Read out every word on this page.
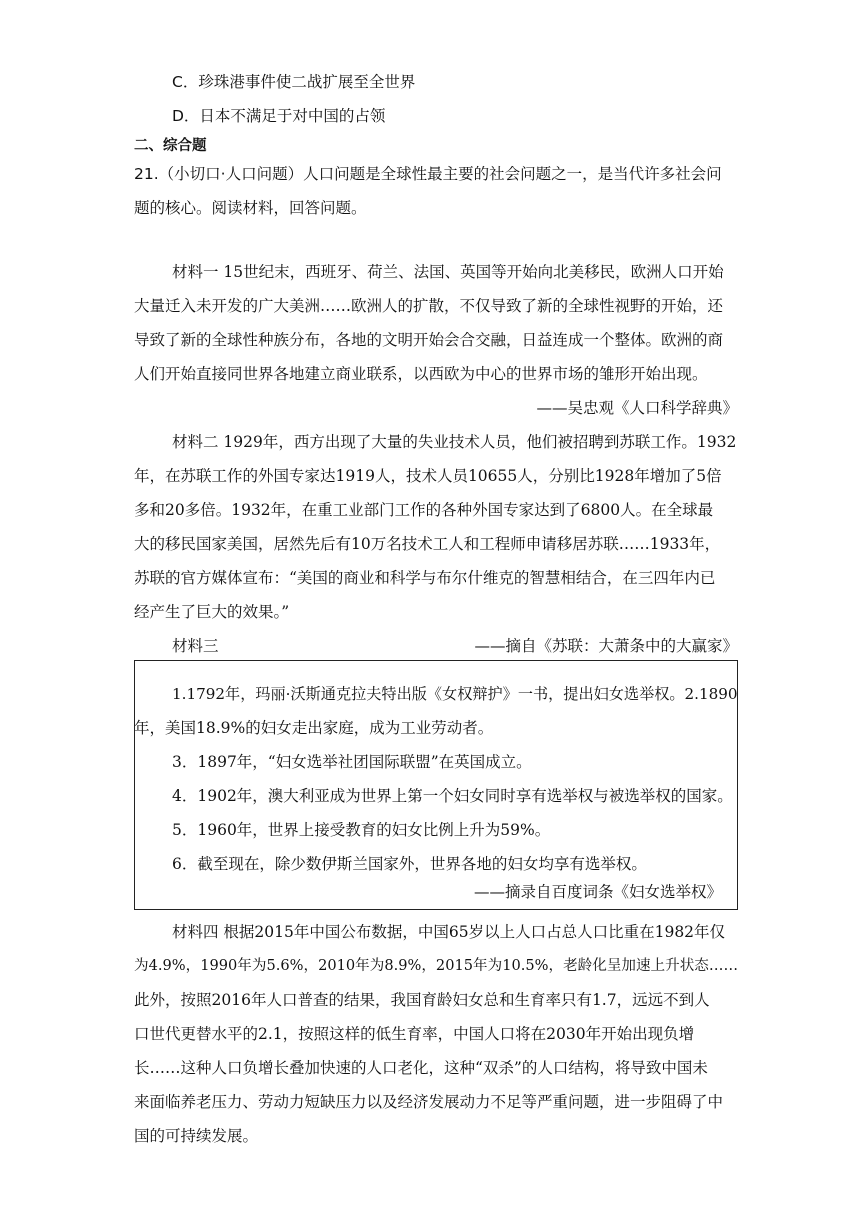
C．珍珠港事件使二战扩展至全世界
D．日本不满足于对中国的占领
二、综合题
21.（小切口·人口问题）人口问题是全球性最主要的社会问题之一，是当代许多社会问
题的核心。阅读材料，回答问题。
材料一 15世纪末，西班牙、荷兰、法国、英国等开始向北美移民，欧洲人口开始
大量迁入未开发的广大美洲……欧洲人的扩散，不仅导致了新的全球性视野的开始，还
导致了新的全球性种族分布，各地的文明开始会合交融，日益连成一个整体。欧洲的商
人们开始直接同世界各地建立商业联系，以西欧为中心的世界市场的雏形开始出现。
——吴忠观《人口科学辞典》
材料二 1929年，西方出现了大量的失业技术人员，他们被招聘到苏联工作。1932
年，在苏联工作的外国专家达1919人，技术人员10655人，分别比1928年增加了5倍
多和20多倍。1932年，在重工业部门工作的各种外国专家达到了6800人。在全球最
大的移民国家美国，居然先后有10万名技术工人和工程师申请移居苏联……1933年，
苏联的官方媒体宣布：“美国的商业和科学与布尔什维克的智慧相结合，在三四年内已
经产生了巨大的效果。”
——摘自《苏联：大萧条中的大赢家》
材料三
1.1792年，玛丽·沃斯通克拉夫特出版《女权辩护》一书，提出妇女选举权。2.1890
年，美国18.9%的妇女走出家庭，成为工业劳动者。
3．1897年，“妇女选举社团国际联盟”在英国成立。
4．1902年，澳大利亚成为世界上第一个妇女同时享有选举权与被选举权的国家。
5．1960年，世界上接受教育的妇女比例上升为59%。
6．截至现在，除少数伊斯兰国家外，世界各地的妇女均享有选举权。
——摘录自百度词条《妇女选举权》
材料四 根据2015年中国公布数据，中国65岁以上人口占总人口比重在1982年仅
为4.9%，1990年为5.6%，2010年为8.9%，2015年为10.5%，老龄化呈加速上升状态……
此外，按照2016年人口普查的结果，我国育龄妇女总和生育率只有1.7，远远不到人
口世代更替水平的2.1，按照这样的低生育率，中国人口将在2030年开始出现负增
长……这种人口负增长叠加快速的人口老化，这种“双杀”的人口结构，将导致中国未
来面临养老压力、劳动力短缺压力以及经济发展动力不足等严重问题，进一步阻碍了中
国的可持续发展。
